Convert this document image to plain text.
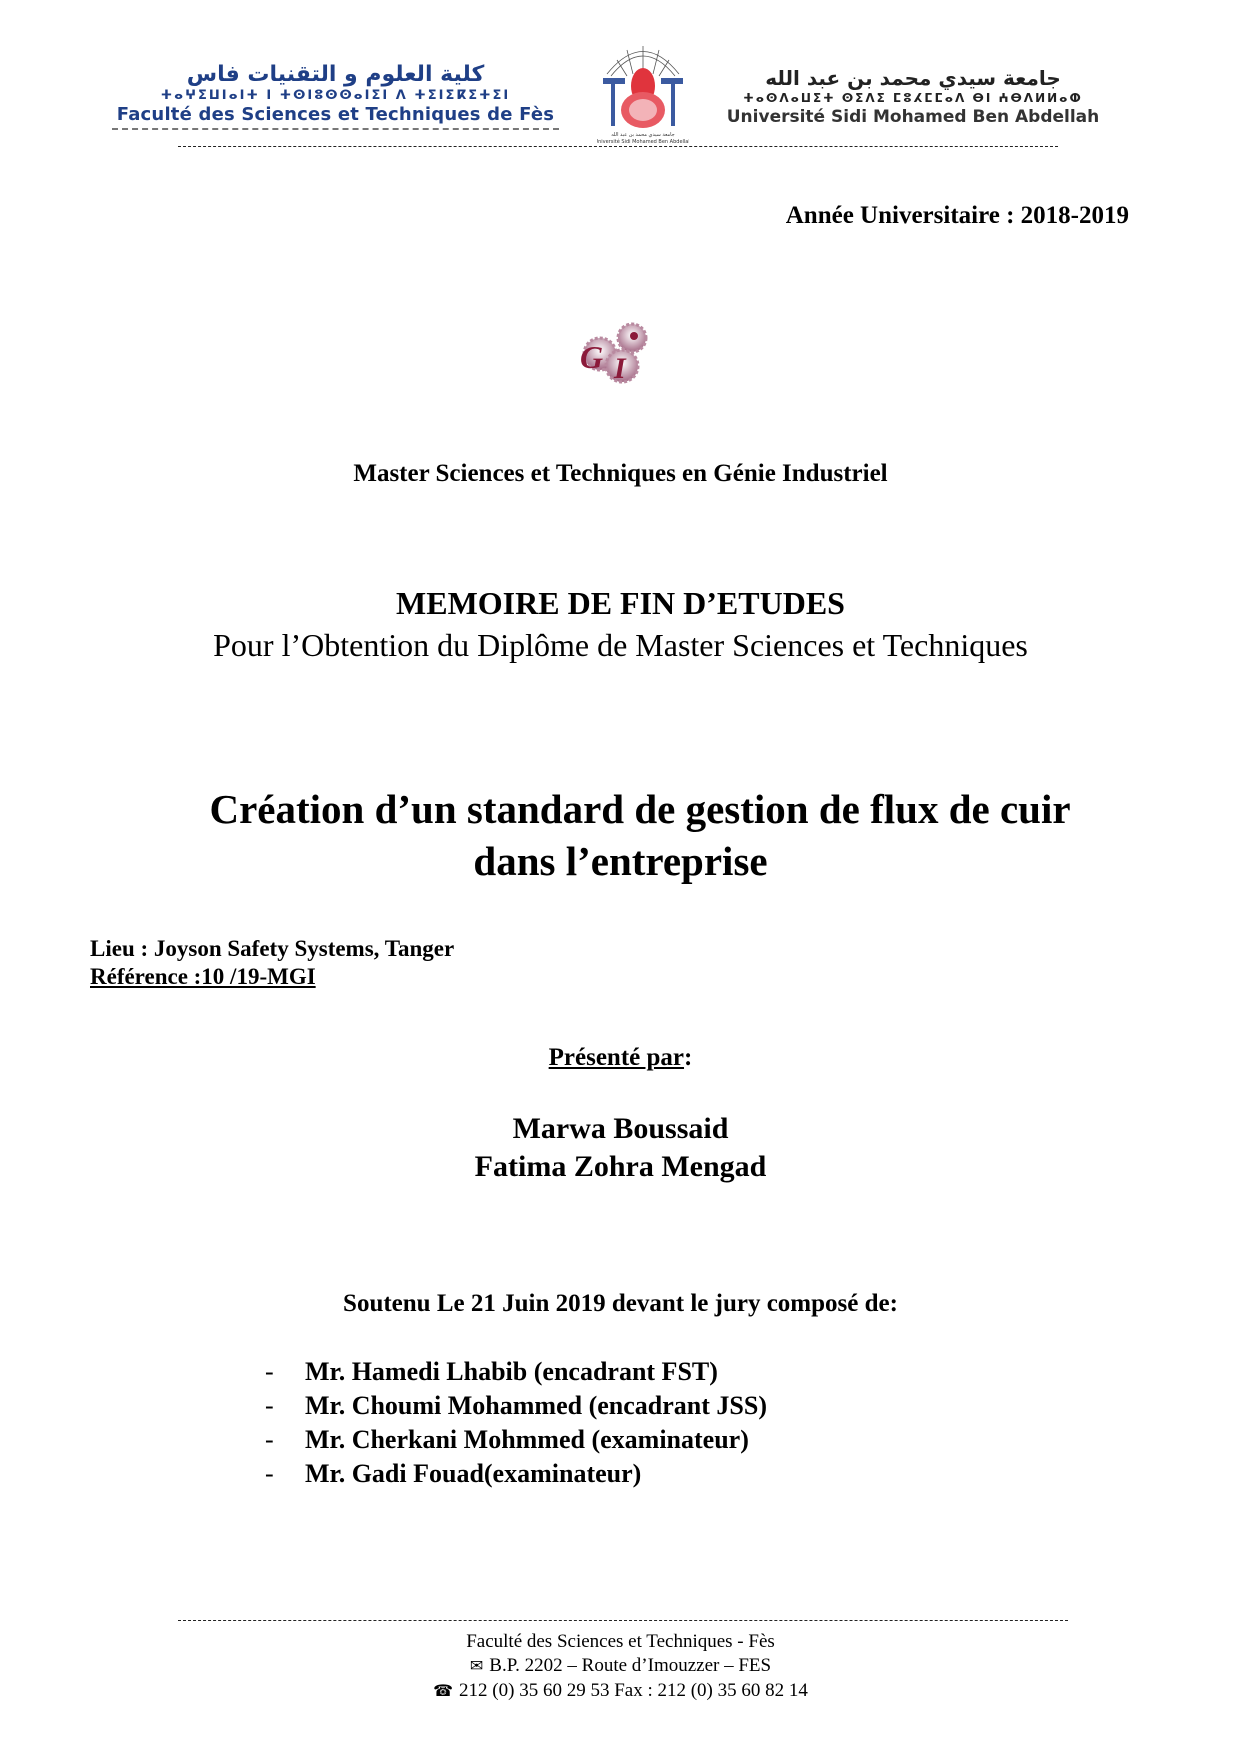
كلية العلوم و التقنيات فاس
ⵜⴰⵖⵉⵡⵏⴰⵏⵜ ⵏ ⵜⵙⵏⵓⵙⵙⴰⵏⵉⵏ ⴷ ⵜⵉⵏⵉⴽⵉⵜⵉⵏ
Faculté des Sciences et Techniques de Fès
جامعة سيدي محمد بن عبد الله
Université Sidi Mohamed Ben Abdellah
جامعة سيدي محمد بن عبد الله
ⵜⴰⵙⴷⴰⵡⵉⵜ ⵙⵉⴷⵉ ⵎⵓⵃⵎⵎⴰⴷ ⴱⵏ ⵄⴱⴷⵍⵍⴰⵀ
Université Sidi Mohamed Ben Abdellah
Année Universitaire : 2018-2019
G I
Master Sciences et Techniques en Génie Industriel
MEMOIRE DE FIN D’ETUDES
Pour l’Obtention du Diplôme de Master Sciences et Techniques
Création d’un standard de gestion de flux de cuir
dans l’entreprise
Lieu : Joyson Safety Systems, Tanger
Référence :10 /19-MGI
Présenté par:
Marwa Boussaid
Fatima Zohra Mengad
Soutenu Le 21 Juin 2019 devant le jury composé de:
-	Mr. Hamedi Lhabib (encadrant FST)
-	Mr. Choumi Mohammed (encadrant JSS)
-	Mr. Cherkani Mohmmed (examinateur)
-	Mr. Gadi Fouad(examinateur)
Faculté des Sciences et Techniques - Fès
✉ B.P. 2202 – Route d’Imouzzer – FES
☎ 212 (0) 35 60 29 53 Fax : 212 (0) 35 60 82 14
